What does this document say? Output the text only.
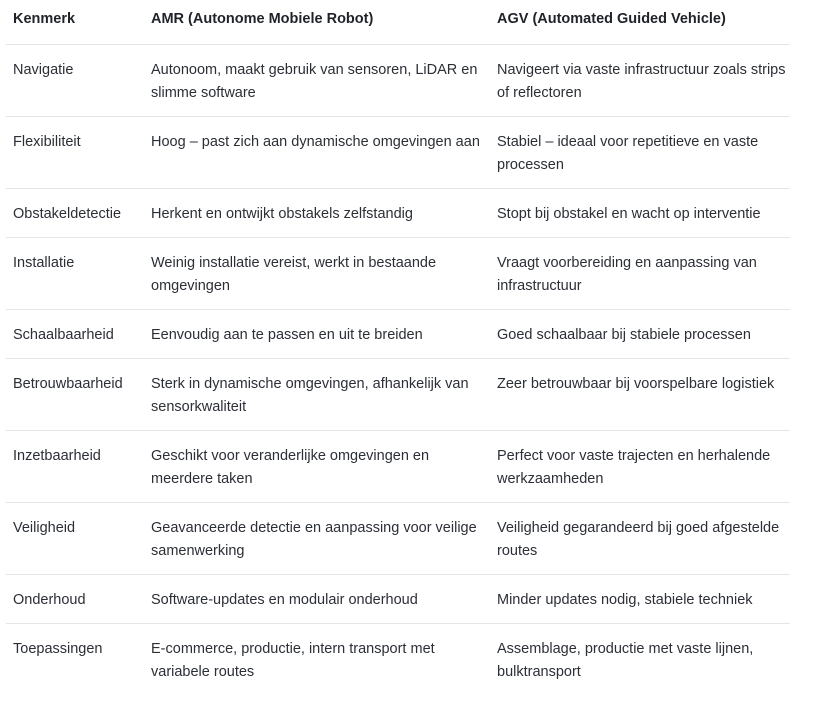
Kenmerk	AMR (Autonome Mobiele Robot)	AGV (Automated Guided Vehicle)
Navigatie	Autonoom, maakt gebruik van sensoren, LiDAR en slimme software	Navigeert via vaste infrastructuur zoals strips of reflectoren
Flexibiliteit	Hoog – past zich aan dynamische omgevingen aan	Stabiel – ideaal voor repetitieve en vaste processen
Obstakeldetectie	Herkent en ontwijkt obstakels zelfstandig	Stopt bij obstakel en wacht op interventie
Installatie	Weinig installatie vereist, werkt in bestaande omgevingen	Vraagt voorbereiding en aanpassing van infrastructuur
Schaalbaarheid	Eenvoudig aan te passen en uit te breiden	Goed schaalbaar bij stabiele processen
Betrouwbaarheid	Sterk in dynamische omgevingen, afhankelijk van sensorkwaliteit	Zeer betrouwbaar bij voorspelbare logistiek
Inzetbaarheid	Geschikt voor veranderlijke omgevingen en meerdere taken	Perfect voor vaste trajecten en herhalende werkzaamheden
Veiligheid	Geavanceerde detectie en aanpassing voor veilige samenwerking	Veiligheid gegarandeerd bij goed afgestelde routes
Onderhoud	Software-updates en modulair onderhoud	Minder updates nodig, stabiele techniek
Toepassingen	E-commerce, productie, intern transport met variabele routes	Assemblage, productie met vaste lijnen, bulktransport
